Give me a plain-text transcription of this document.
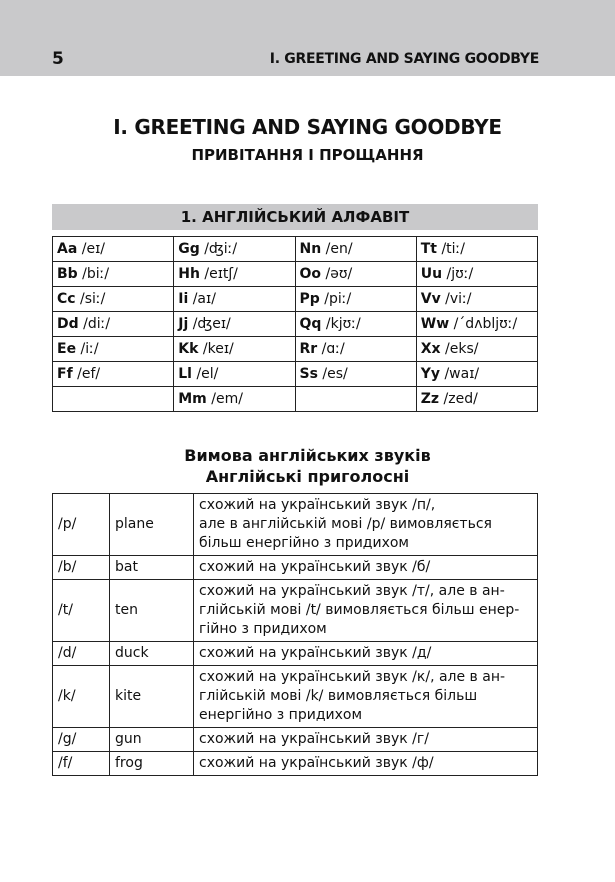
5	I. GREETING AND SAYING GOODBYE
I. GREETING AND SAYING GOODBYE
ПРИВІТАННЯ І ПРОЩАННЯ
1. АНГЛІЙСЬКИЙ АЛФАВІТ
Aa /eɪ/	Gg /ʤiː/	Nn /en/	Tt /tiː/
Bb /biː/	Hh /eɪtʃ/	Oo /əʊ/	Uu /jʊː/
Cc /siː/	Ii /aɪ/	Pp /piː/	Vv /viː/
Dd /diː/	Jj /ʤeɪ/	Qq /kjʊː/	Ww /´dʌbljʊː/
Ee /iː/	Kk /keɪ/	Rr /ɑː/	Xx /eks/
Ff /ef/	Ll /el/	Ss /es/	Yy /waɪ/
	Mm /em/		Zz /zed/
Вимова англійських звуків
Англійські приголосні
/p/	plane	схожий на український звук /п/,
але в англійській мові /р/ вимовляється
більш енергійно з придихом

/b/	bat	схожий на український звук /б/

/t/	ten	схожий на український звук /т/, але в ан-
глійській мові /t/ вимовляється більш енер-
гійно з придихом

/d/	duck	схожий на український звук /д/

/k/	kite	схожий на український звук /к/, але в ан-
глійській мові /k/ вимовляється більш
енергійно з придихом

/g/	gun	схожий на український звук /г/

/f/	frog	схожий на український звук /ф/
